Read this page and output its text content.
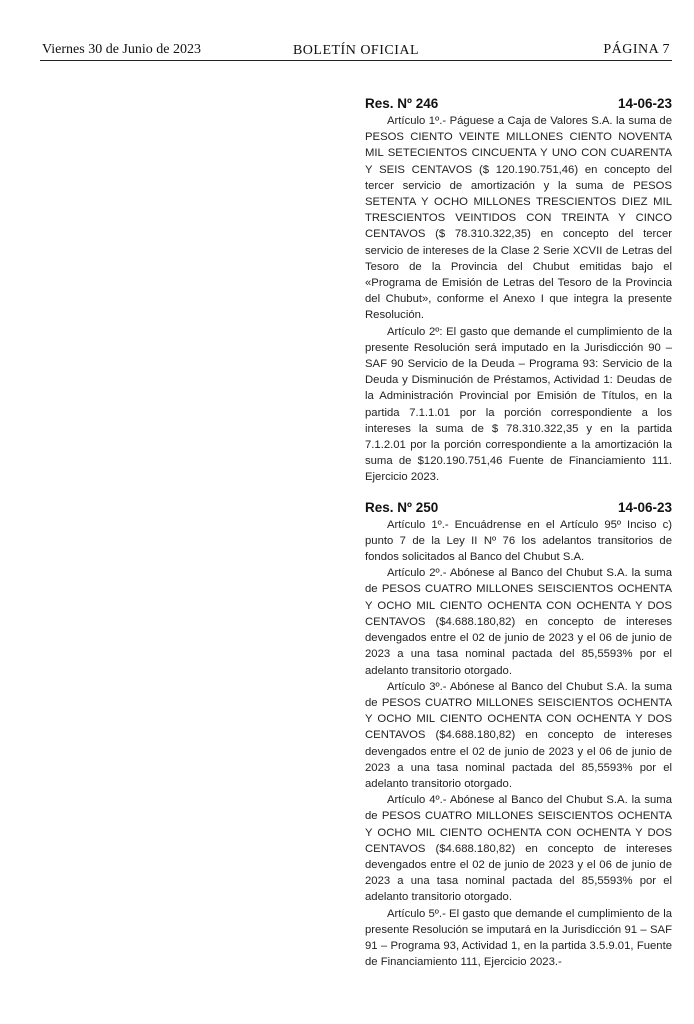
Viernes 30 de Junio de 2023	BOLETÍN OFICIAL	PÁGINA 7
Res. Nº 246	14-06-23

Artículo 1º.- Páguese a Caja de Valores S.A. la suma de PESOS CIENTO VEINTE MILLONES CIENTO NOVENTA MIL SETECIENTOS CINCUENTA Y UNO CON CUARENTA Y SEIS CENTAVOS ($ 120.190.751,46) en concepto del tercer servicio de amortización y la suma de PESOS SETENTA Y OCHO MILLONES TRESCIENTOS DIEZ MIL TRESCIENTOS VEINTIDOS CON TREINTA Y CINCO CENTAVOS ($ 78.310.322,35) en concepto del tercer servicio de intereses de la Clase 2 Serie XCVII de Letras del Tesoro de la Provincia del Chubut emitidas bajo el «Programa de Emisión de Letras del Tesoro de la Provincia del Chubut», conforme el Anexo I que integra la presente Resolución.

Artículo 2º: El gasto que demande el cumplimiento de la presente Resolución será imputado en la Jurisdicción 90 – SAF 90 Servicio de la Deuda – Programa 93: Servicio de la Deuda y Disminución de Préstamos, Actividad 1: Deudas de la Administración Provincial por Emisión de Títulos, en la partida 7.1.1.01 por la porción correspondiente a los intereses la suma de $ 78.310.322,35 y en la partida 7.1.2.01 por la porción correspondiente a la amortización la suma de $120.190.751,46 Fuente de Financiamiento 111. Ejercicio 2023.

Res. Nº 250	14-06-23

Artículo 1º.- Encuádrense en el Artículo 95º Inciso c) punto 7 de la Ley II Nº 76 los adelantos transitorios de fondos solicitados al Banco del Chubut S.A.

Artículo 2º.- Abónese al Banco del Chubut S.A. la suma de PESOS CUATRO MILLONES SEISCIENTOS OCHENTA Y OCHO MIL CIENTO OCHENTA CON OCHENTA Y DOS CENTAVOS ($4.688.180,82) en concepto de intereses devengados entre el 02 de junio de 2023 y el 06 de junio de 2023 a una tasa nominal pactada del 85,5593% por el adelanto transitorio otorgado.

Artículo 3º.- Abónese al Banco del Chubut S.A. la suma de PESOS CUATRO MILLONES SEISCIENTOS OCHENTA Y OCHO MIL CIENTO OCHENTA CON OCHENTA Y DOS CENTAVOS ($4.688.180,82) en concepto de intereses devengados entre el 02 de junio de 2023 y el 06 de junio de 2023 a una tasa nominal pactada del 85,5593% por el adelanto transitorio otorgado.

Artículo 4º.- Abónese al Banco del Chubut S.A. la suma de PESOS CUATRO MILLONES SEISCIENTOS OCHENTA Y OCHO MIL CIENTO OCHENTA CON OCHENTA Y DOS CENTAVOS ($4.688.180,82) en concepto de intereses devengados entre el 02 de junio de 2023 y el 06 de junio de 2023 a una tasa nominal pactada del 85,5593% por el adelanto transitorio otorgado.

Artículo 5º.- El gasto que demande el cumplimiento de la presente Resolución se imputará en la Jurisdicción 91 – SAF 91 – Programa 93, Actividad 1, en la partida 3.5.9.01, Fuente de Financiamiento 111, Ejercicio 2023.-
